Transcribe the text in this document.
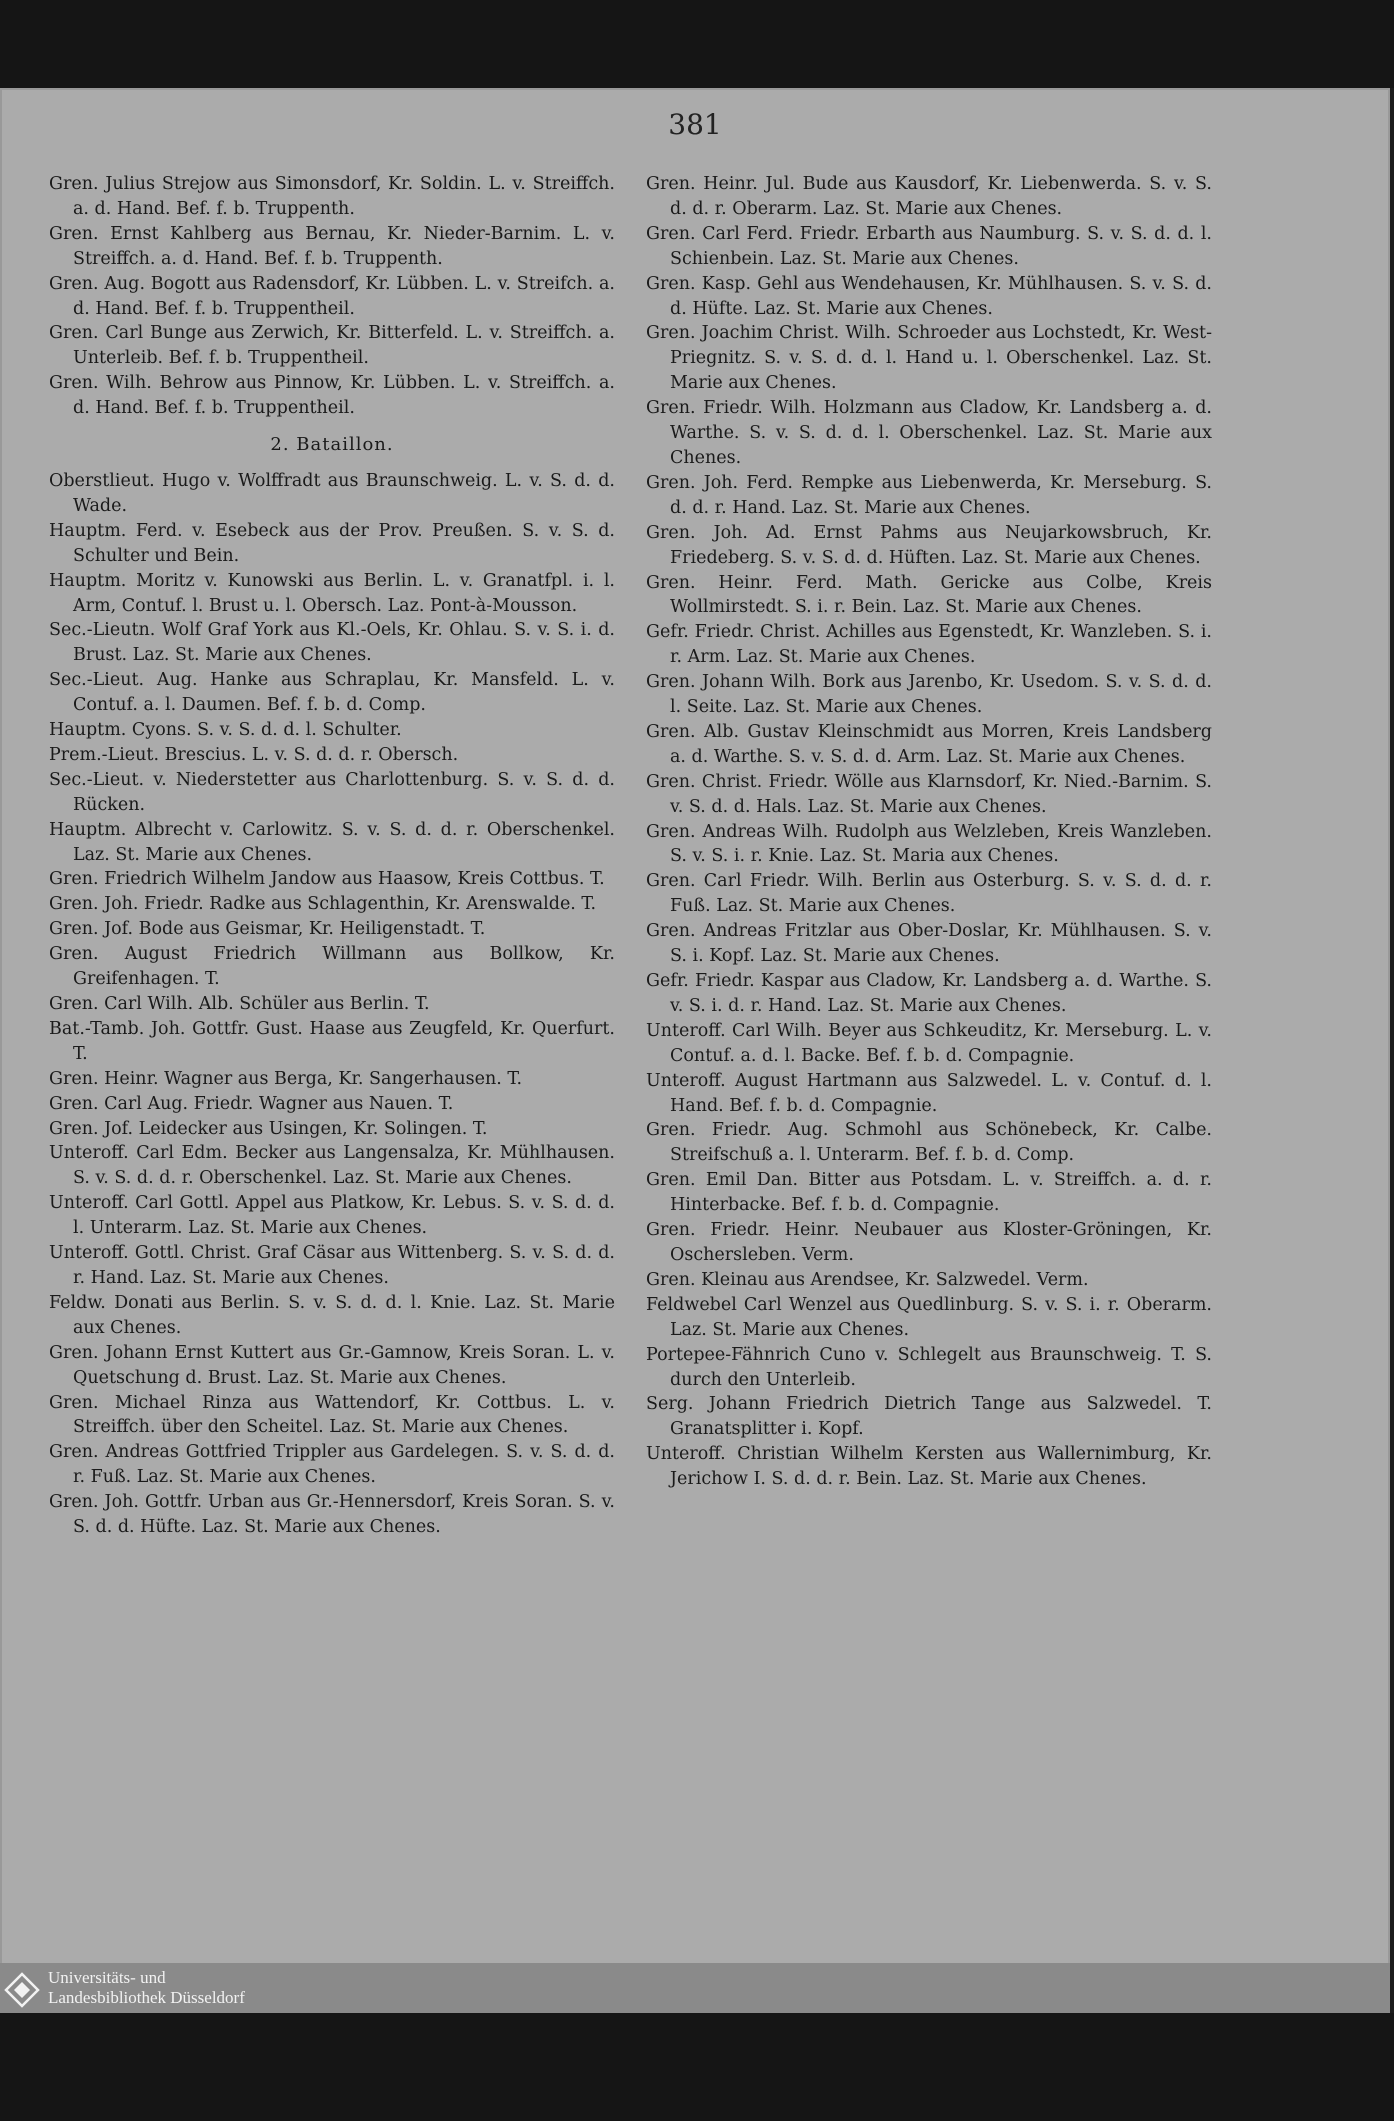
381

Gren. Julius Strejow aus Simonsdorf, Kr. Soldin. L. v. Streiffch. a. d. Hand. Bef. f. b. Truppenth.

Gren. Ernst Kahlberg aus Bernau, Kr. Nieder-Barnim. L. v. Streiffch. a. d. Hand. Bef. f. b. Truppenth.

Gren. Aug. Bogott aus Radensdorf, Kr. Lübben. L. v. Streifch. a. d. Hand. Bef. f. b. Truppentheil.

Gren. Carl Bunge aus Zerwich, Kr. Bitterfeld. L. v. Streiffch. a. Unterleib. Bef. f. b. Truppentheil.

Gren. Wilh. Behrow aus Pinnow, Kr. Lübben. L. v. Streiffch. a. d. Hand. Bef. f. b. Truppentheil.

2. Bataillon.

Oberstlieut. Hugo v. Wolffradt aus Braunschweig. L. v. S. d. d. Wade.

Hauptm. Ferd. v. Esebeck aus der Prov. Preußen. S. v. S. d. Schulter und Bein.

Hauptm. Moritz v. Kunowski aus Berlin. L. v. Granatfpl. i. l. Arm, Contuf. l. Brust u. l. Obersch. Laz. Pont-à-Mousson.

Sec.-Lieutn. Wolf Graf York aus Kl.-Oels, Kr. Ohlau. S. v. S. i. d. Brust. Laz. St. Marie aux Chenes.

Sec.-Lieut. Aug. Hanke aus Schraplau, Kr. Mansfeld. L. v. Contuf. a. l. Daumen. Bef. f. b. d. Comp.

Hauptm. Cyons. S. v. S. d. d. l. Schulter.

Prem.-Lieut. Brescius. L. v. S. d. d. r. Obersch.

Sec.-Lieut. v. Niederstetter aus Charlottenburg. S. v. S. d. d. Rücken.

Hauptm. Albrecht v. Carlowitz. S. v. S. d. d. r. Oberschenkel. Laz. St. Marie aux Chenes.

Gren. Friedrich Wilhelm Jandow aus Haasow, Kreis Cottbus. T.

Gren. Joh. Friedr. Radke aus Schlagenthin, Kr. Arenswalde. T.

Gren. Jof. Bode aus Geismar, Kr. Heiligenstadt. T.

Gren. August Friedrich Willmann aus Bollkow, Kr. Greifenhagen. T.

Gren. Carl Wilh. Alb. Schüler aus Berlin. T.

Bat.-Tamb. Joh. Gottfr. Gust. Haase aus Zeugfeld, Kr. Querfurt. T.

Gren. Heinr. Wagner aus Berga, Kr. Sangerhausen. T.

Gren. Carl Aug. Friedr. Wagner aus Nauen. T.

Gren. Jof. Leidecker aus Usingen, Kr. Solingen. T.

Unteroff. Carl Edm. Becker aus Langensalza, Kr. Mühlhausen. S. v. S. d. d. r. Oberschenkel. Laz. St. Marie aux Chenes.

Unteroff. Carl Gottl. Appel aus Platkow, Kr. Lebus. S. v. S. d. d. l. Unterarm. Laz. St. Marie aux Chenes.

Unteroff. Gottl. Christ. Graf Cäsar aus Wittenberg. S. v. S. d. d. r. Hand. Laz. St. Marie aux Chenes.

Feldw. Donati aus Berlin. S. v. S. d. d. l. Knie. Laz. St. Marie aux Chenes.

Gren. Johann Ernst Kuttert aus Gr.-Gamnow, Kreis Soran. L. v. Quetschung d. Brust. Laz. St. Marie aux Chenes.

Gren. Michael Rinza aus Wattendorf, Kr. Cottbus. L. v. Streiffch. über den Scheitel. Laz. St. Marie aux Chenes.

Gren. Andreas Gottfried Trippler aus Gardelegen. S. v. S. d. d. r. Fuß. Laz. St. Marie aux Chenes.

Gren. Joh. Gottfr. Urban aus Gr.-Hennersdorf, Kreis Soran. S. v. S. d. d. Hüfte. Laz. St. Marie aux Chenes.

Gren. Heinr. Jul. Bude aus Kausdorf, Kr. Liebenwerda. S. v. S. d. d. r. Oberarm. Laz. St. Marie aux Chenes.

Gren. Carl Ferd. Friedr. Erbarth aus Naumburg. S. v. S. d. d. l. Schienbein. Laz. St. Marie aux Chenes.

Gren. Kasp. Gehl aus Wendehausen, Kr. Mühlhausen. S. v. S. d. d. Hüfte. Laz. St. Marie aux Chenes.

Gren. Joachim Christ. Wilh. Schroeder aus Lochstedt, Kr. West-Priegnitz. S. v. S. d. d. l. Hand u. l. Oberschenkel. Laz. St. Marie aux Chenes.

Gren. Friedr. Wilh. Holzmann aus Cladow, Kr. Landsberg a. d. Warthe. S. v. S. d. d. l. Oberschenkel. Laz. St. Marie aux Chenes.

Gren. Joh. Ferd. Rempke aus Liebenwerda, Kr. Merseburg. S. d. d. r. Hand. Laz. St. Marie aux Chenes.

Gren. Joh. Ad. Ernst Pahms aus Neujarkowsbruch, Kr. Friedeberg. S. v. S. d. d. Hüften. Laz. St. Marie aux Chenes.

Gren. Heinr. Ferd. Math. Gericke aus Colbe, Kreis Wollmirstedt. S. i. r. Bein. Laz. St. Marie aux Chenes.

Gefr. Friedr. Christ. Achilles aus Egenstedt, Kr. Wanzleben. S. i. r. Arm. Laz. St. Marie aux Chenes.

Gren. Johann Wilh. Bork aus Jarenbo, Kr. Usedom. S. v. S. d. d. l. Seite. Laz. St. Marie aux Chenes.

Gren. Alb. Gustav Kleinschmidt aus Morren, Kreis Landsberg a. d. Warthe. S. v. S. d. d. Arm. Laz. St. Marie aux Chenes.

Gren. Christ. Friedr. Wölle aus Klarnsdorf, Kr. Nied.-Barnim. S. v. S. d. d. Hals. Laz. St. Marie aux Chenes.

Gren. Andreas Wilh. Rudolph aus Welzleben, Kreis Wanzleben. S. v. S. i. r. Knie. Laz. St. Maria aux Chenes.

Gren. Carl Friedr. Wilh. Berlin aus Osterburg. S. v. S. d. d. r. Fuß. Laz. St. Marie aux Chenes.

Gren. Andreas Fritzlar aus Ober-Doslar, Kr. Mühlhausen. S. v. S. i. Kopf. Laz. St. Marie aux Chenes.

Gefr. Friedr. Kaspar aus Cladow, Kr. Landsberg a. d. Warthe. S. v. S. i. d. r. Hand. Laz. St. Marie aux Chenes.

Unteroff. Carl Wilh. Beyer aus Schkeuditz, Kr. Merseburg. L. v. Contuf. a. d. l. Backe. Bef. f. b. d. Compagnie.

Unteroff. August Hartmann aus Salzwedel. L. v. Contuf. d. l. Hand. Bef. f. b. d. Compagnie.

Gren. Friedr. Aug. Schmohl aus Schönebeck, Kr. Calbe. Streifschuß a. l. Unterarm. Bef. f. b. d. Comp.

Gren. Emil Dan. Bitter aus Potsdam. L. v. Streiffch. a. d. r. Hinterbacke. Bef. f. b. d. Compagnie.

Gren. Friedr. Heinr. Neubauer aus Kloster-Gröningen, Kr. Oschersleben. Verm.

Gren. Kleinau aus Arendsee, Kr. Salzwedel. Verm.

Feldwebel Carl Wenzel aus Quedlinburg. S. v. S. i. r. Oberarm. Laz. St. Marie aux Chenes.

Portepee-Fähnrich Cuno v. Schlegelt aus Braunschweig. T. S. durch den Unterleib.

Serg. Johann Friedrich Dietrich Tange aus Salzwedel. T. Granatsplitter i. Kopf.

Unteroff. Christian Wilhelm Kersten aus Wallernimburg, Kr. Jerichow I. S. d. d. r. Bein. Laz. St. Marie aux Chenes.

Universitäts- und
Landesbibliothek Düsseldorf
